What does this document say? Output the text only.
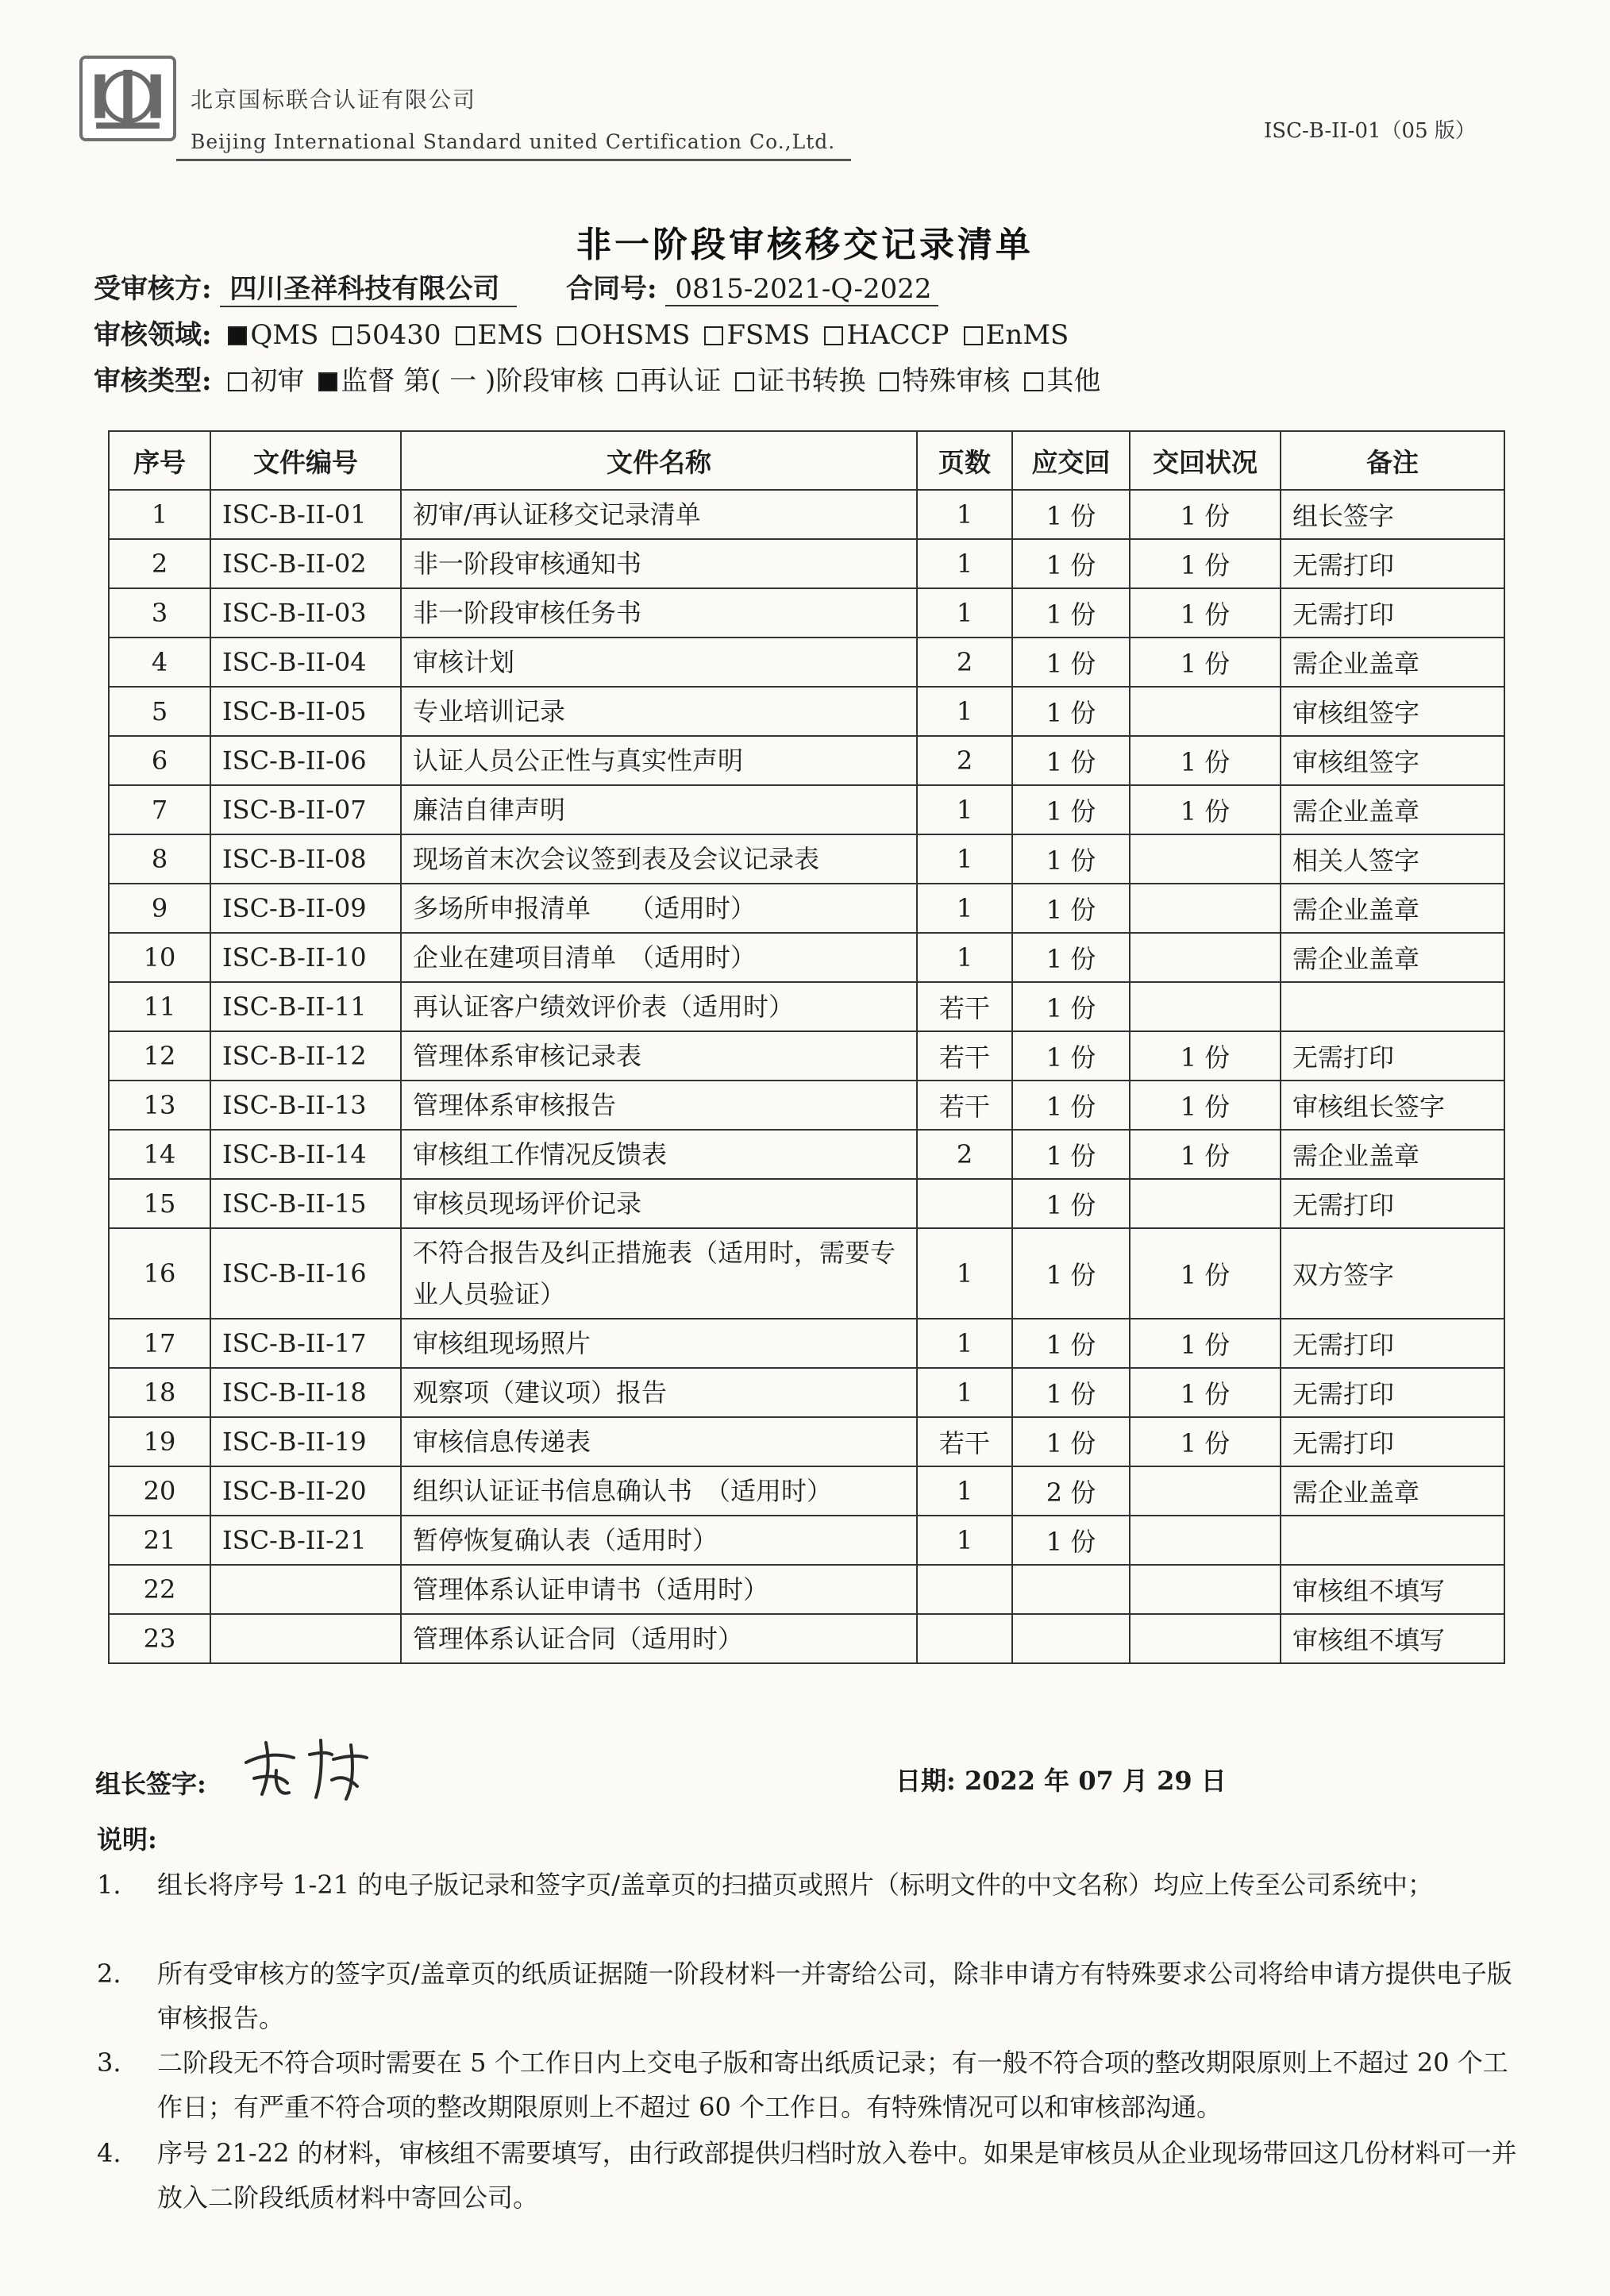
北京国标联合认证有限公司
Beijing International Standard united Certification Co.,Ltd.	ISC-B-II-01（05 版）
非一阶段审核移交记录清单
受审核方: 四川圣祥科技有限公司 合同号: 0815-2021-Q-2022
审核领域: QMS 50430 EMS OHSMS FSMS HACCP EnMS
审核类型: 初审 监督 第( 一 )阶段审核 再认证 证书转换 特殊审核 其他
序号	文件编号	文件名称	页数	应交回	交回状况	备注
1	ISC-B-II-01	初审/再认证移交记录清单	1	1 份	1 份	组长签字
2	ISC-B-II-02	非一阶段审核通知书	1	1 份	1 份	无需打印
3	ISC-B-II-03	非一阶段审核任务书	1	1 份	1 份	无需打印
4	ISC-B-II-04	审核计划	2	1 份	1 份	需企业盖章
5	ISC-B-II-05	专业培训记录	1	1 份		审核组签字
6	ISC-B-II-06	认证人员公正性与真实性声明	2	1 份	1 份	审核组签字
7	ISC-B-II-07	廉洁自律声明	1	1 份	1 份	需企业盖章
8	ISC-B-II-08	现场首末次会议签到表及会议记录表	1	1 份		相关人签字
9	ISC-B-II-09	多场所申报清单　　（适用时）	1	1 份		需企业盖章
10	ISC-B-II-10	企业在建项目清单　（适用时）	1	1 份		需企业盖章
11	ISC-B-II-11	再认证客户绩效评价表（适用时）	若干	1 份		
12	ISC-B-II-12	管理体系审核记录表	若干	1 份	1 份	无需打印
13	ISC-B-II-13	管理体系审核报告	若干	1 份	1 份	审核组长签字
14	ISC-B-II-14	审核组工作情况反馈表	2	1 份	1 份	需企业盖章
15	ISC-B-II-15	审核员现场评价记录		1 份		无需打印
16	ISC-B-II-16	不符合报告及纠正措施表（适用时，需要专业人员验证）	1	1 份	1 份	双方签字
17	ISC-B-II-17	审核组现场照片	1	1 份	1 份	无需打印
18	ISC-B-II-18	观察项（建议项）报告	1	1 份	1 份	无需打印
19	ISC-B-II-19	审核信息传递表	若干	1 份	1 份	无需打印
20	ISC-B-II-20	组织认证证书信息确认书　（适用时）	1	2 份		需企业盖章
21	ISC-B-II-21	暂停恢复确认表（适用时）	1	1 份		
22		管理体系认证申请书（适用时）				审核组不填写
23		管理体系认证合同（适用时）				审核组不填写
组长签字:	日期: 2022 年 07 月 29 日
说明:
1.	组长将序号 1-21 的电子版记录和签字页/盖章页的扫描页或照片（标明文件的中文名称）均应上传至公司系统中；
2.	所有受审核方的签字页/盖章页的纸质证据随一阶段材料一并寄给公司，除非申请方有特殊要求公司将给申请方提供电子版审核报告。
3.	二阶段无不符合项时需要在 5 个工作日内上交电子版和寄出纸质记录；有一般不符合项的整改期限原则上不超过 20 个工作日；有严重不符合项的整改期限原则上不超过 60 个工作日。有特殊情况可以和审核部沟通。
4.	序号 21-22 的材料，审核组不需要填写，由行政部提供归档时放入卷中。如果是审核员从企业现场带回这几份材料可一并放入二阶段纸质材料中寄回公司。
